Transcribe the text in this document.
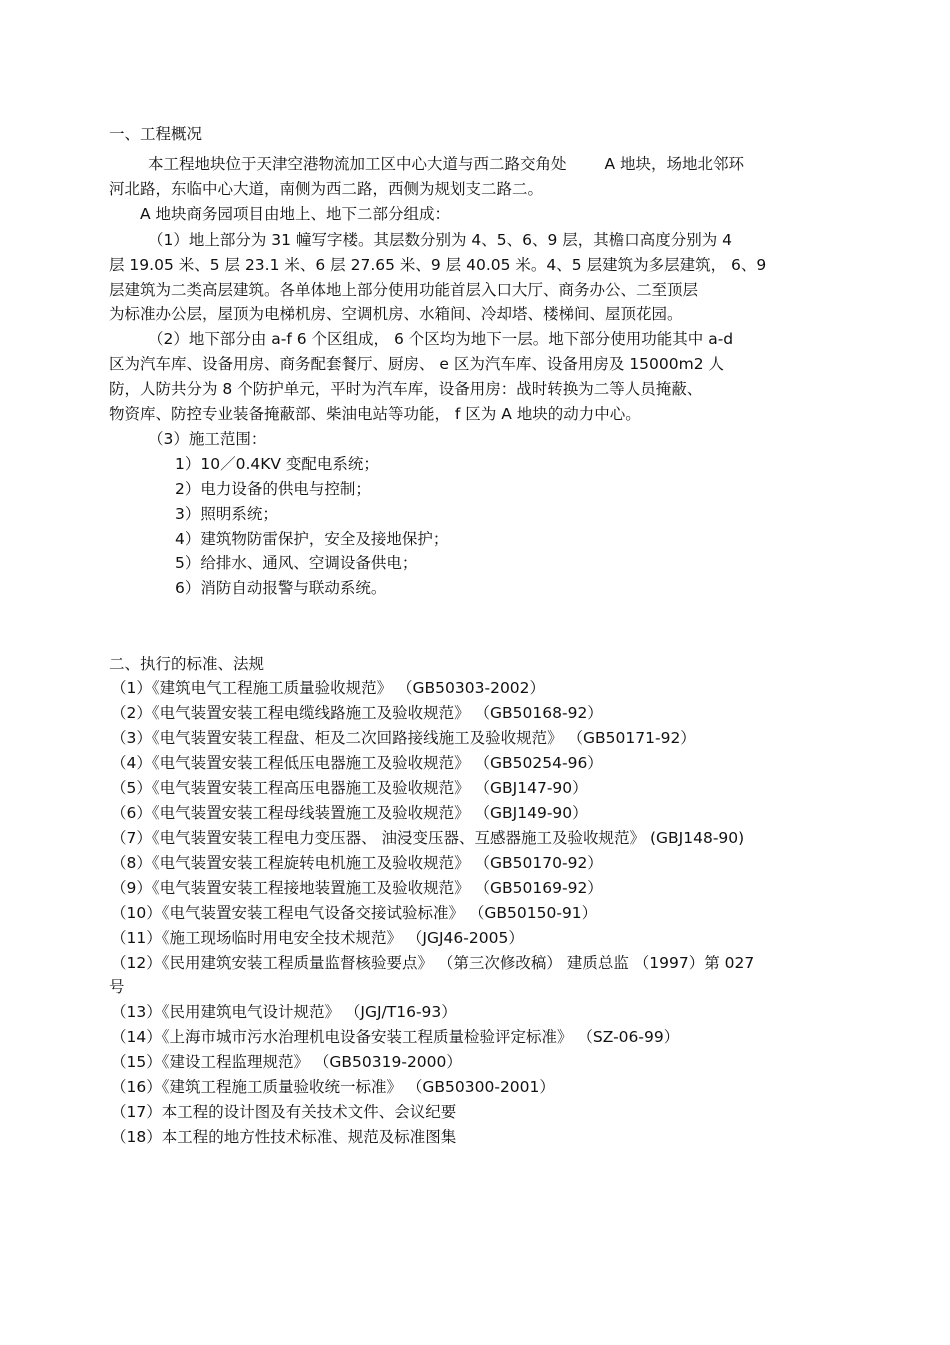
一、工程概况
本工程地块位于天津空港物流加工区中心大道与西二路交角处 A 地块，场地北邻环
河北路，东临中心大道，南侧为西二路，西侧为规划支二路二。
A 地块商务园项目由地上、地下二部分组成：
（1）地上部分为 31 幢写字楼。其层数分别为 4、5、6、9 层，其檐口高度分别为 4
层 19.05 米、5 层 23.1 米、6 层 27.65 米、9 层 40.05 米。4、5 层建筑为多层建筑， 6、9
层建筑为二类高层建筑。各单体地上部分使用功能首层入口大厅、商务办公、二至顶层
为标准办公层，屋顶为电梯机房、空调机房、水箱间、冷却塔、楼梯间、屋顶花园。
（2）地下部分由 a-f 6 个区组成， 6 个区均为地下一层。地下部分使用功能其中 a-d
区为汽车库、设备用房、商务配套餐厅、厨房、 e 区为汽车库、设备用房及 15000m2 人
防，人防共分为 8 个防护单元，平时为汽车库，设备用房：战时转换为二等人员掩蔽、
物资库、防控专业装备掩蔽部、柴油电站等功能， f 区为 A 地块的动力中心。
（3）施工范围：
1）10／0.4KV 变配电系统；
2）电力设备的供电与控制；
3）照明系统；
4）建筑物防雷保护，安全及接地保护；
5）给排水、通风、空调设备供电；
6）消防自动报警与联动系统。
二、执行的标准、法规
（1）《建筑电气工程施工质量验收规范》 （GB50303-2002）
（2）《电气装置安装工程电缆线路施工及验收规范》 （GB50168-92）
（3）《电气装置安装工程盘、柜及二次回路接线施工及验收规范》 （GB50171-92）
（4）《电气装置安装工程低压电器施工及验收规范》 （GB50254-96）
（5）《电气装置安装工程高压电器施工及验收规范》 （GBJ147-90）
（6）《电气装置安装工程母线装置施工及验收规范》 （GBJ149-90）
（7）《电气装置安装工程电力变压器、 油浸变压器、互感器施工及验收规范》 (GBJ148-90)
（8）《电气装置安装工程旋转电机施工及验收规范》 （GB50170-92）
（9）《电气装置安装工程接地装置施工及验收规范》 （GB50169-92）
（10）《电气装置安装工程电气设备交接试验标准》 （GB50150-91）
（11）《施工现场临时用电安全技术规范》 （JGJ46-2005）
（12）《民用建筑安装工程质量监督核验要点》 （第三次修改稿） 建质总监 （1997）第 027
号
（13）《民用建筑电气设计规范》 （JGJ/T16-93）
（14）《上海市城市污水治理机电设备安装工程质量检验评定标准》 （SZ-06-99）
（15）《建设工程监理规范》 （GB50319-2000）
（16）《建筑工程施工质量验收统一标准》 （GB50300-2001）
（17）本工程的设计图及有关技术文件、会议纪要
（18）本工程的地方性技术标准、规范及标准图集
